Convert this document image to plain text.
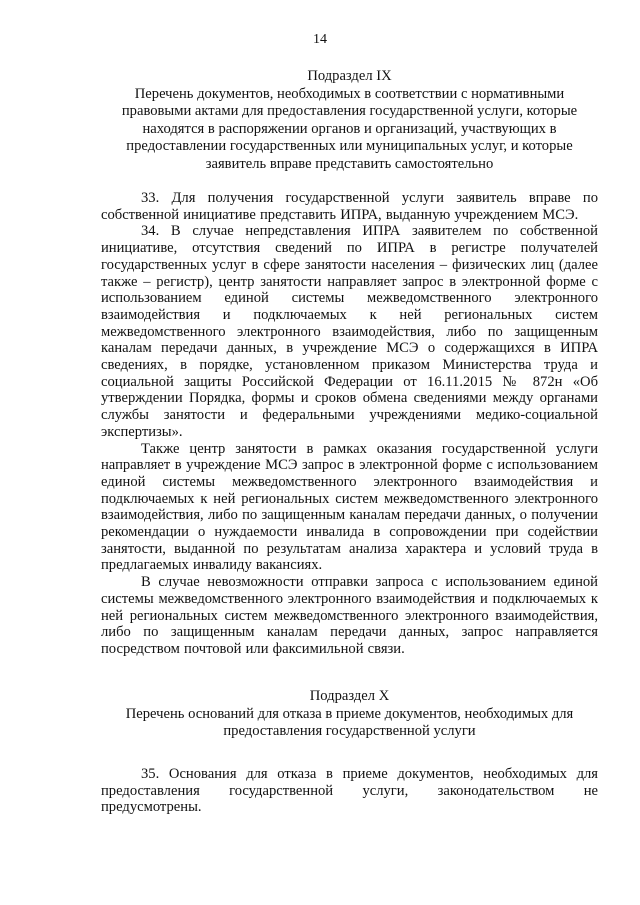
14
Подраздел IX
Перечень документов, необходимых в соответствии с нормативными правовыми актами для предоставления государственной услуги, которые находятся в распоряжении органов и организаций, участвующих в предоставлении государственных или муниципальных услуг, и которые заявитель вправе представить самостоятельно

33. Для получения государственной услуги заявитель вправе по собственной инициативе представить ИПРА, выданную учреждением МСЭ.

34. В случае непредставления ИПРА заявителем по собственной инициативе, отсутствия сведений по ИПРА в регистре получателей государственных услуг в сфере занятости населения – физических лиц (далее также – регистр), центр занятости направляет запрос в электронной форме с использованием единой системы межведомственного электронного взаимодействия и подключаемых к ней региональных систем межведомственного электронного взаимодействия, либо по защищенным каналам передачи данных, в учреждение МСЭ о содержащихся в ИПРА сведениях, в порядке, установленном приказом Министерства труда и социальной защиты Российской Федерации от 16.11.2015 № 872н «Об утверждении Порядка, формы и сроков обмена сведениями между органами службы занятости и федеральными учреждениями медико-социальной экспертизы».

Также центр занятости в рамках оказания государственной услуги направляет в учреждение МСЭ запрос в электронной форме с использованием единой системы межведомственного электронного взаимодействия и подключаемых к ней региональных систем межведомственного электронного взаимодействия, либо по защищенным каналам передачи данных, о получении рекомендации о нуждаемости инвалида в сопровождении при содействии занятости, выданной по результатам анализа характера и условий труда в предлагаемых инвалиду вакансиях.

В случае невозможности отправки запроса с использованием единой системы межведомственного электронного взаимодействия и подключаемых к ней региональных систем межведомственного электронного взаимодействия, либо по защищенным каналам передачи данных, запрос направляется посредством почтовой или факсимильной связи.

Подраздел X
Перечень оснований для отказа в приеме документов, необходимых для предоставления государственной услуги

35. Основания для отказа в приеме документов, необходимых для предоставления государственной услуги, законодательством не предусмотрены.
